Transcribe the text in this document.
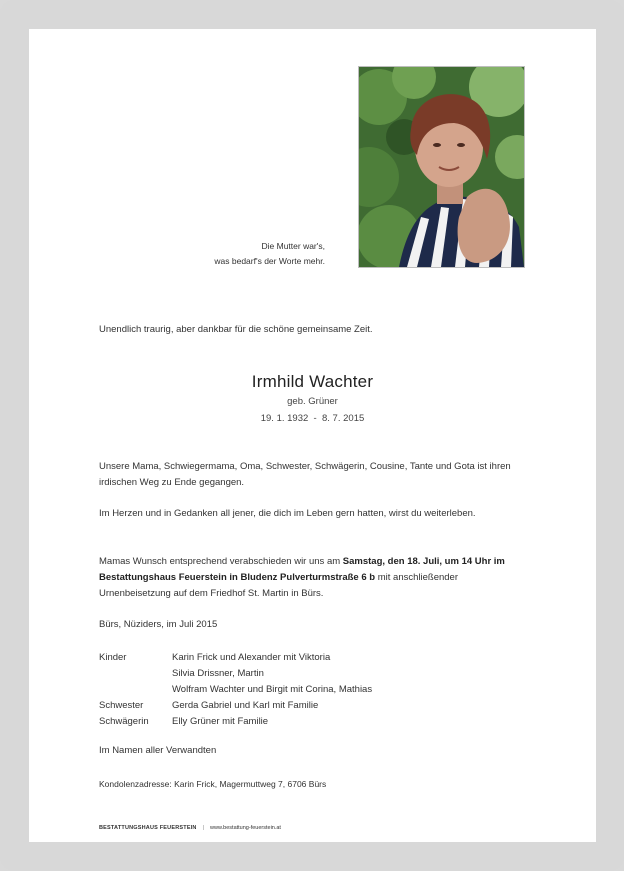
Die Mutter war's,
was bedarf's der Worte mehr.
Unendlich traurig, aber dankbar für die schöne gemeinsame Zeit.
Irmhild Wachter
geb. Grüner
19. 1. 1932  -  8. 7. 2015
Unsere Mama, Schwiegermama, Oma, Schwester, Schwägerin, Cousine, Tante und Gota ist ihren irdischen Weg zu Ende gegangen.
Im Herzen und in Gedanken all jener, die dich im Leben gern hatten, wirst du weiterleben.
Mamas Wunsch entsprechend verabschieden wir uns am Samstag, den 18. Juli, um 14 Uhr im Bestattungshaus Feuerstein in Bludenz Pulverturmstraße 6 b mit anschließender Urnenbeisetzung auf dem Friedhof St. Martin in Bürs.
Bürs, Nüziders, im Juli 2015
Kinder	Karin Frick und Alexander mit Viktoria
Silvia Drissner, Martin
Wolfram Wachter und Birgit mit Corina, Mathias
Schwester	Gerda Gabriel und Karl mit Familie
Schwägerin	Elly Grüner mit Familie
Im Namen aller Verwandten
Kondolenzadresse: Karin Frick, Magermuttweg 7, 6706 Bürs
BESTATTUNGSHAUS FEUERSTEIN | www.bestattung-feuerstein.at
